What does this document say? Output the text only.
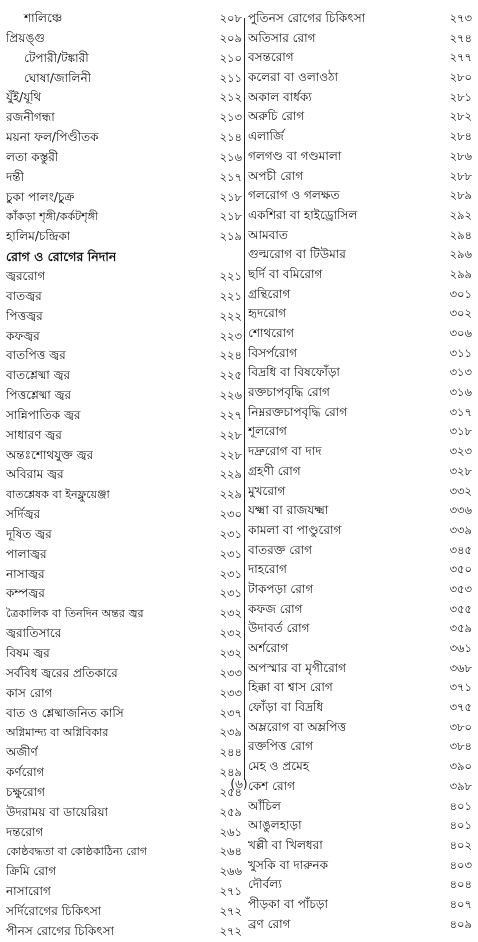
শালিঞ্চে	২০৮
প্রিয়ঙ্গু	২০৯
টেপারী/টঙ্কারী	২১০
ঘোষা/জালিনী	২১১
যুঁই/যূথি	২১২
রজনীগন্ধা	২১৩
ময়না ফল/পিণ্ডীতক	২১৪
লতা কস্তুরী	২১৬
দন্তী	২১৭
চুকা পালং/চুক্র	২১৮
কাঁকড়া শৃঙ্গী/কর্কটশৃঙ্গী	২১৮
হালিম/চন্দ্রিকা	২১৯
রোগ ও রোগের নিদান
জ্বররোগ	২২১
বাতজ্বর	২২১
পিত্তজ্বর	২২২
কফজ্বর	২২৩
বাতপিত্ত জ্বর	২২৪
বাতশ্লেষ্মা জ্বর	২২৫
পিত্তশ্লেষ্মা জ্বর	২২৬
সান্নিপাতিক জ্বর	২২৭
সাধারণ জ্বর	২২৮
অন্তঃশোথযুক্ত জ্বর	২২৮
অবিরাম জ্বর	২২৯
বাতশ্লেষক বা ইনফ্লুয়েঞ্জা	২২৯
সর্দিজ্বর	২৩০
দূষিত জ্বর	২৩১
পালাজ্বর	২৩১
নাসাজ্বর	২৩১
কম্পজ্বর	২৩১
ত্রৈকালিক বা তিনদিন অন্তর জ্বর	২৩২
জ্বরাতিসারে	২৩২
বিষম জ্বর	২৩২
সর্ববিধ জ্বরের প্রতিকারে	২৩৩
কাস রোগ	২৩৩
বাত ও শ্লেষ্মাজনিত কাসি	২৩৭
অগ্নিমান্দ্য বা অগ্নিবিকার	২৩৯
অজীর্ণ	২৪৪
কর্ণরোগ	২৪৯
চক্ষুরোগ	২৫৪
উদরাময় বা ডায়েরিয়া	২৫৯
দন্তরোগ	২৬১
কোষ্ঠবদ্ধতা বা কোষ্ঠকাঠিন্য রোগ	২৬৪
ক্রিমি রোগ	২৬৬
নাসারোগ	২৭১
সর্দিরোগের চিকিৎসা	২৭২
পীনস রোগের চিকিৎসা	২৭২
পুতিনস রোগের চিকিৎসা	২৭৩
অতিসার রোগ	২৭৪
বসন্তরোগ	২৭৭
কলেরা বা ওলাওঠা	২৮০
অকাল বার্ধক্য	২৮১
অরুচি রোগ	২৮২
এলার্জি	২৮৪
গলগণ্ড বা গণ্ডমালা	২৮৬
অপচী রোগ	২৮৮
গলরোগ ও গলক্ষত	২৮৯
একশিরা বা হাইড্রোসিল	২৯২
আমবাত	২৯৪
গুল্মরোগ বা টিউমার	২৯৬
ছর্দি বা বমিরোগ	২৯৯
গ্রন্থিরোগ	৩০১
হৃদরোগ	৩০২
শোথরোগ	৩০৬
বিসর্পরোগ	৩১১
বিদ্রধি বা বিষফোঁড়া	৩১৩
রক্তচাপবৃদ্ধি রোগ	৩১৬
নিম্নরক্তচাপবৃদ্ধি রোগ	৩১৭
শূলরোগ	৩১৮
দদ্রুরোগ বা দাদ	৩২৩
গ্রহণী রোগ	৩২৮
মুখরোগ	৩৩২
যক্ষ্মা বা রাজযক্ষ্মা	৩৩৬
কামলা বা পাণ্ডুরোগ	৩৩৯
বাতরক্ত রোগ	৩৪৫
দাহরোগ	৩৫০
টাকপড়া রোগ	৩৫৩
কফজ রোগ	৩৫৫
উদাবর্ত রোগ	৩৫৯
অর্শরোগ	৩৬১
অপস্মার বা মৃগীরোগ	৩৬৮
হিক্কা বা শ্বাস রোগ	৩৭১
ফোঁড়া বা বিদ্রধি	৩৭৫
অম্লরোগ বা অম্লপিত্ত	৩৮০
রক্তপিত্ত রোগ	৩৮৪
মেহ ও প্রমেহ	৩৯০
কেশ রোগ	৩৯৮
আঁচিল	৪০১
আঙুলহাড়া	৪০১
খল্লী বা খিলধরা	৪০২
খুসকি বা দারুনক	৪০৩
দৌর্বল্য	৪০৪
পীড়কা বা পাঁচড়া	৪০৭
ব্রণ রোগ	৪০৯
(৬)
